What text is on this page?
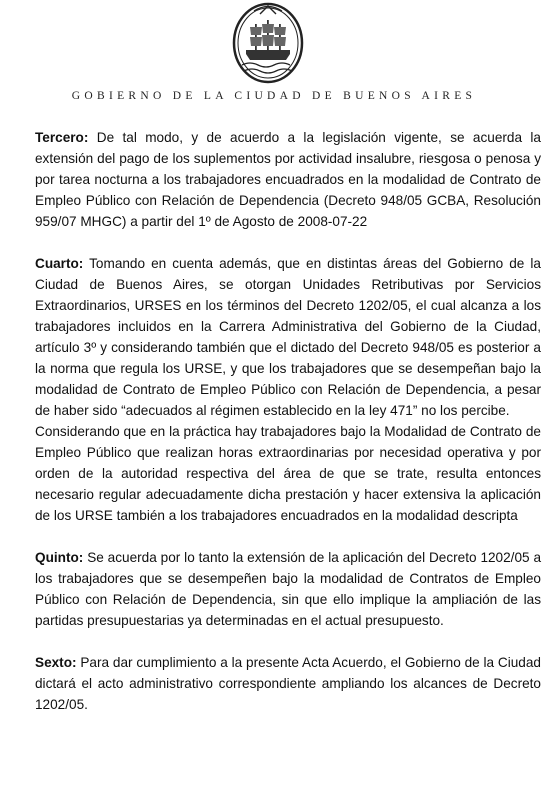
GOBIERNO DE LA CIUDAD DE BUENOS AIRES

Tercero: De tal modo, y de acuerdo a la legislación vigente, se acuerda la extensión del pago de los suplementos por actividad insalubre, riesgosa o penosa y por tarea nocturna a los trabajadores encuadrados en la modalidad de Contrato de Empleo Público con Relación de Dependencia (Decreto 948/05 GCBA, Resolución 959/07 MHGC) a partir del 1º de Agosto de 2008-07-22

Cuarto: Tomando en cuenta además, que en distintas áreas del Gobierno de la Ciudad de Buenos Aires, se otorgan Unidades Retributivas por Servicios Extraordinarios, URSES en los términos del Decreto 1202/05, el cual alcanza a los trabajadores incluidos en la Carrera Administrativa del Gobierno de la Ciudad, artículo 3º y considerando también que el dictado del Decreto 948/05 es posterior a la norma que regula los URSE, y que los trabajadores que se desempeñan bajo la modalidad de Contrato de Empleo Público con Relación de Dependencia, a pesar de haber sido “adecuados al régimen establecido en la ley 471” no los percibe.

Considerando que en la práctica hay trabajadores bajo la Modalidad de Contrato de Empleo Público que realizan horas extraordinarias por necesidad operativa y por orden de la autoridad respectiva del área de que se trate, resulta entonces necesario regular adecuadamente dicha prestación y hacer extensiva la aplicación de los URSE también a los trabajadores encuadrados en la modalidad descripta

Quinto: Se acuerda por lo tanto la extensión de la aplicación del Decreto 1202/05 a los trabajadores que se desempeñen bajo la modalidad de Contratos de Empleo Público con Relación de Dependencia, sin que ello implique la ampliación de las partidas presupuestarias ya determinadas en el actual presupuesto.

Sexto: Para dar cumplimiento a la presente Acta Acuerdo, el Gobierno de la Ciudad dictará el acto administrativo correspondiente ampliando los alcances de Decreto 1202/05.
